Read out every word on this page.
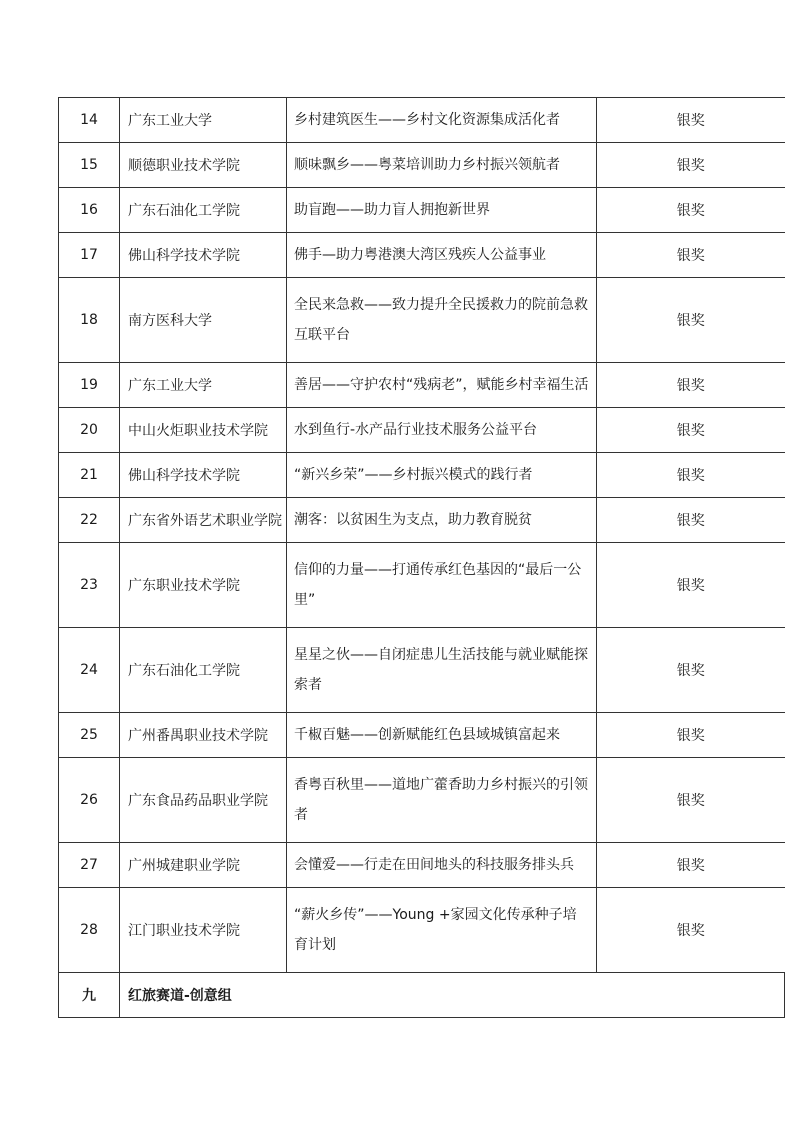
14	广东工业大学	乡村建筑医生——乡村文化资源集成活化者	银奖
15	顺德职业技术学院	顺味飘乡——粤菜培训助力乡村振兴领航者	银奖
16	广东石油化工学院	助盲跑——助力盲人拥抱新世界	银奖
17	佛山科学技术学院	佛手—助力粤港澳大湾区残疾人公益事业	银奖
18	南方医科大学	全民来急救——致力提升全民援救力的院前急救互联平台	银奖
19	广东工业大学	善居——守护农村“残病老”，赋能乡村幸福生活	银奖
20	中山火炬职业技术学院	水到鱼行-水产品行业技术服务公益平台	银奖
21	佛山科学技术学院	“新兴乡荣”——乡村振兴模式的践行者	银奖
22	广东省外语艺术职业学院	潮客：以贫困生为支点，助力教育脱贫	银奖
23	广东职业技术学院	信仰的力量——打通传承红色基因的“最后一公里”	银奖
24	广东石油化工学院	星星之伙——自闭症患儿生活技能与就业赋能探索者	银奖
25	广州番禺职业技术学院	千椒百魅——创新赋能红色县域城镇富起来	银奖
26	广东食品药品职业学院	香粤百秋里——道地广藿香助力乡村振兴的引领者	银奖
27	广州城建职业学院	会懂爱——行走在田间地头的科技服务排头兵	银奖
28	江门职业技术学院	“薪火乡传”——Young +家园文化传承种子培育计划	银奖
九	红旅赛道-创意组		
